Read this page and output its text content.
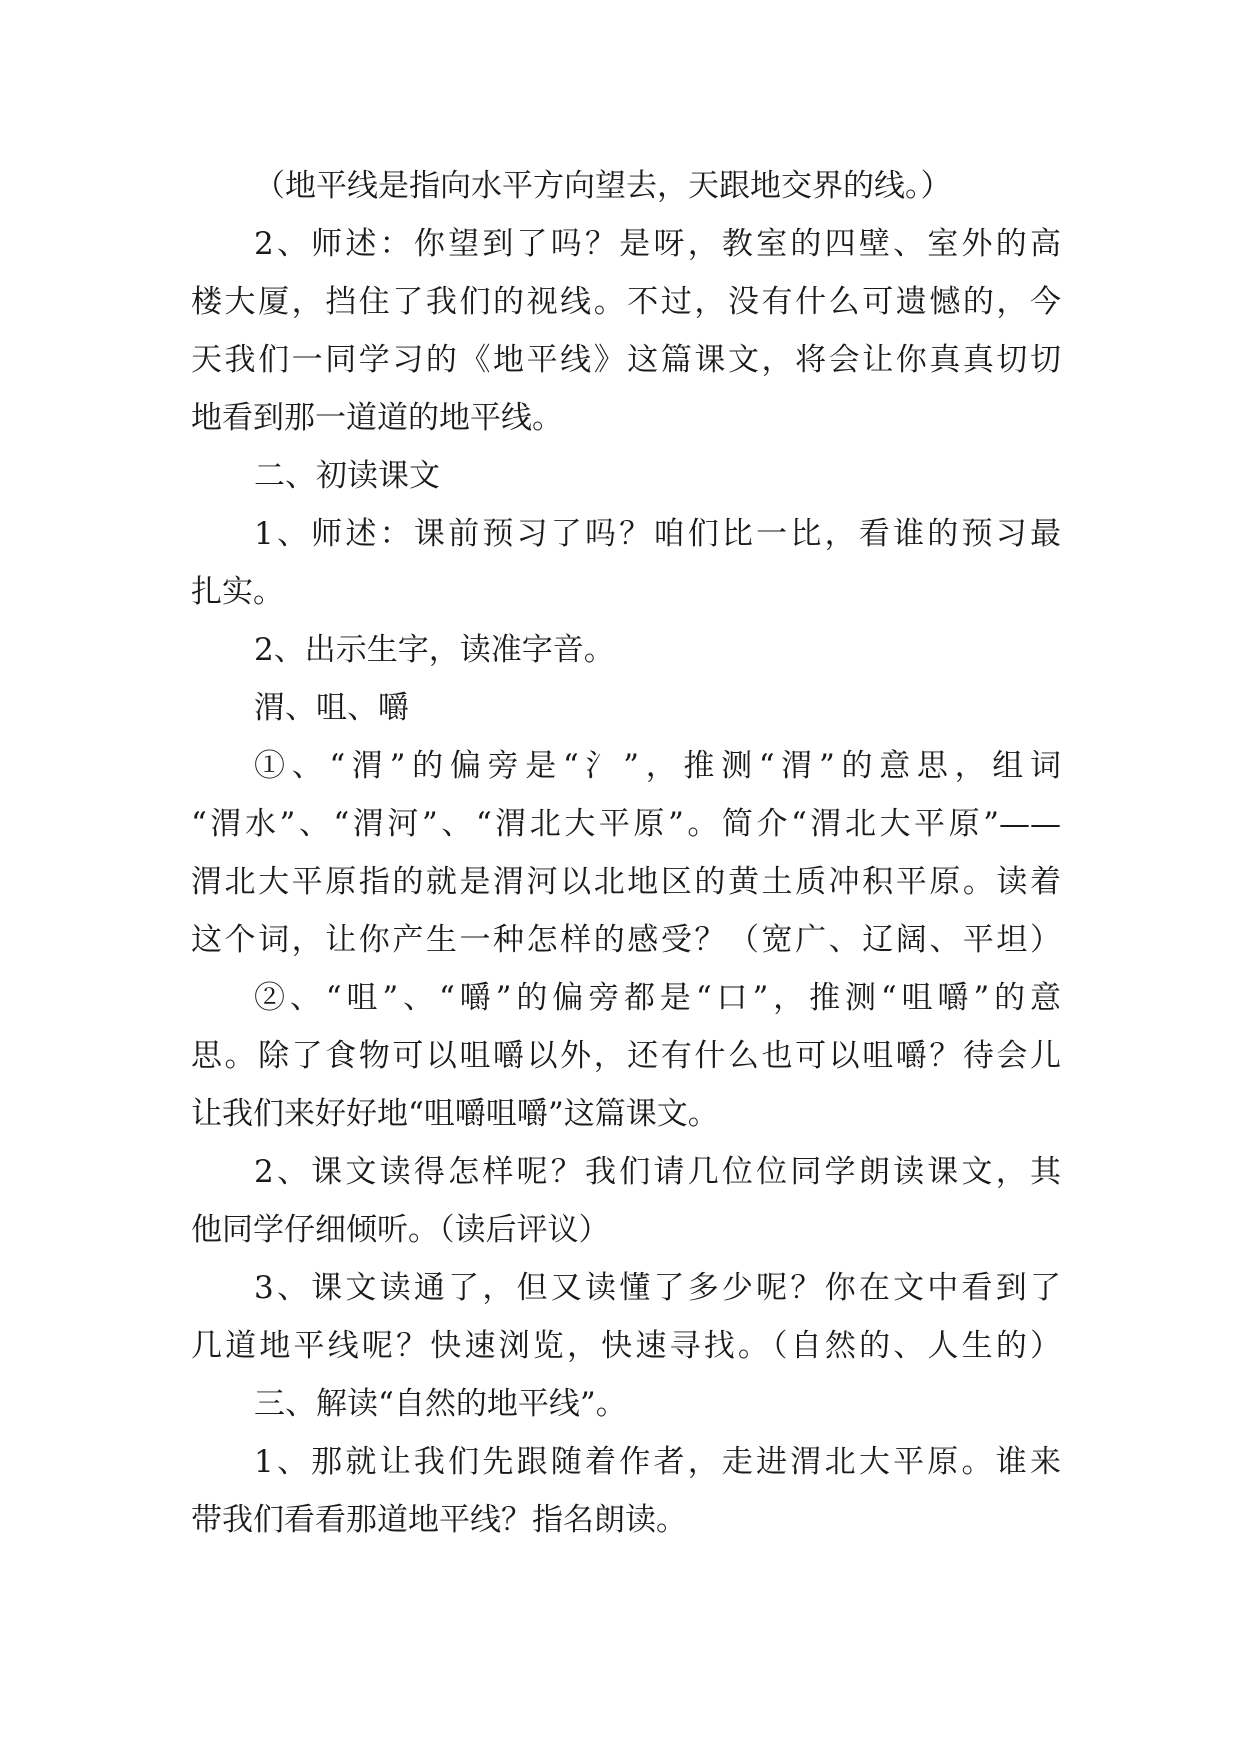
（地平线是指向水平方向望去，天跟地交界的线。）
2、师述：你望到了吗？是呀，教室的四壁、室外的高
楼大厦，挡住了我们的视线。不过，没有什么可遗憾的，今
天我们一同学习的《地平线》这篇课文，将会让你真真切切
地看到那一道道的地平线。
二、初读课文
1、师述：课前预习了吗？咱们比一比，看谁的预习最
扎实。
2、出示生字，读准字音。
渭、咀、嚼
①、“渭”的偏旁是“氵”，推测“渭”的意思，组词
“渭水”、“渭河”、“渭北大平原”。简介“渭北大平原”——
渭北大平原指的就是渭河以北地区的黄土质冲积平原。读着
这个词，让你产生一种怎样的感受？（宽广、辽阔、平坦）
②、“咀”、“嚼”的偏旁都是“口”，推测“咀嚼”的意
思。除了食物可以咀嚼以外，还有什么也可以咀嚼？待会儿
让我们来好好地“咀嚼咀嚼”这篇课文。
2、课文读得怎样呢？我们请几位位同学朗读课文，其
他同学仔细倾听。（读后评议）
3、课文读通了，但又读懂了多少呢？你在文中看到了
几道地平线呢？快速浏览，快速寻找。（自然的、人生的）
三、解读“自然的地平线”。
1、那就让我们先跟随着作者，走进渭北大平原。谁来
带我们看看那道地平线？指名朗读。
